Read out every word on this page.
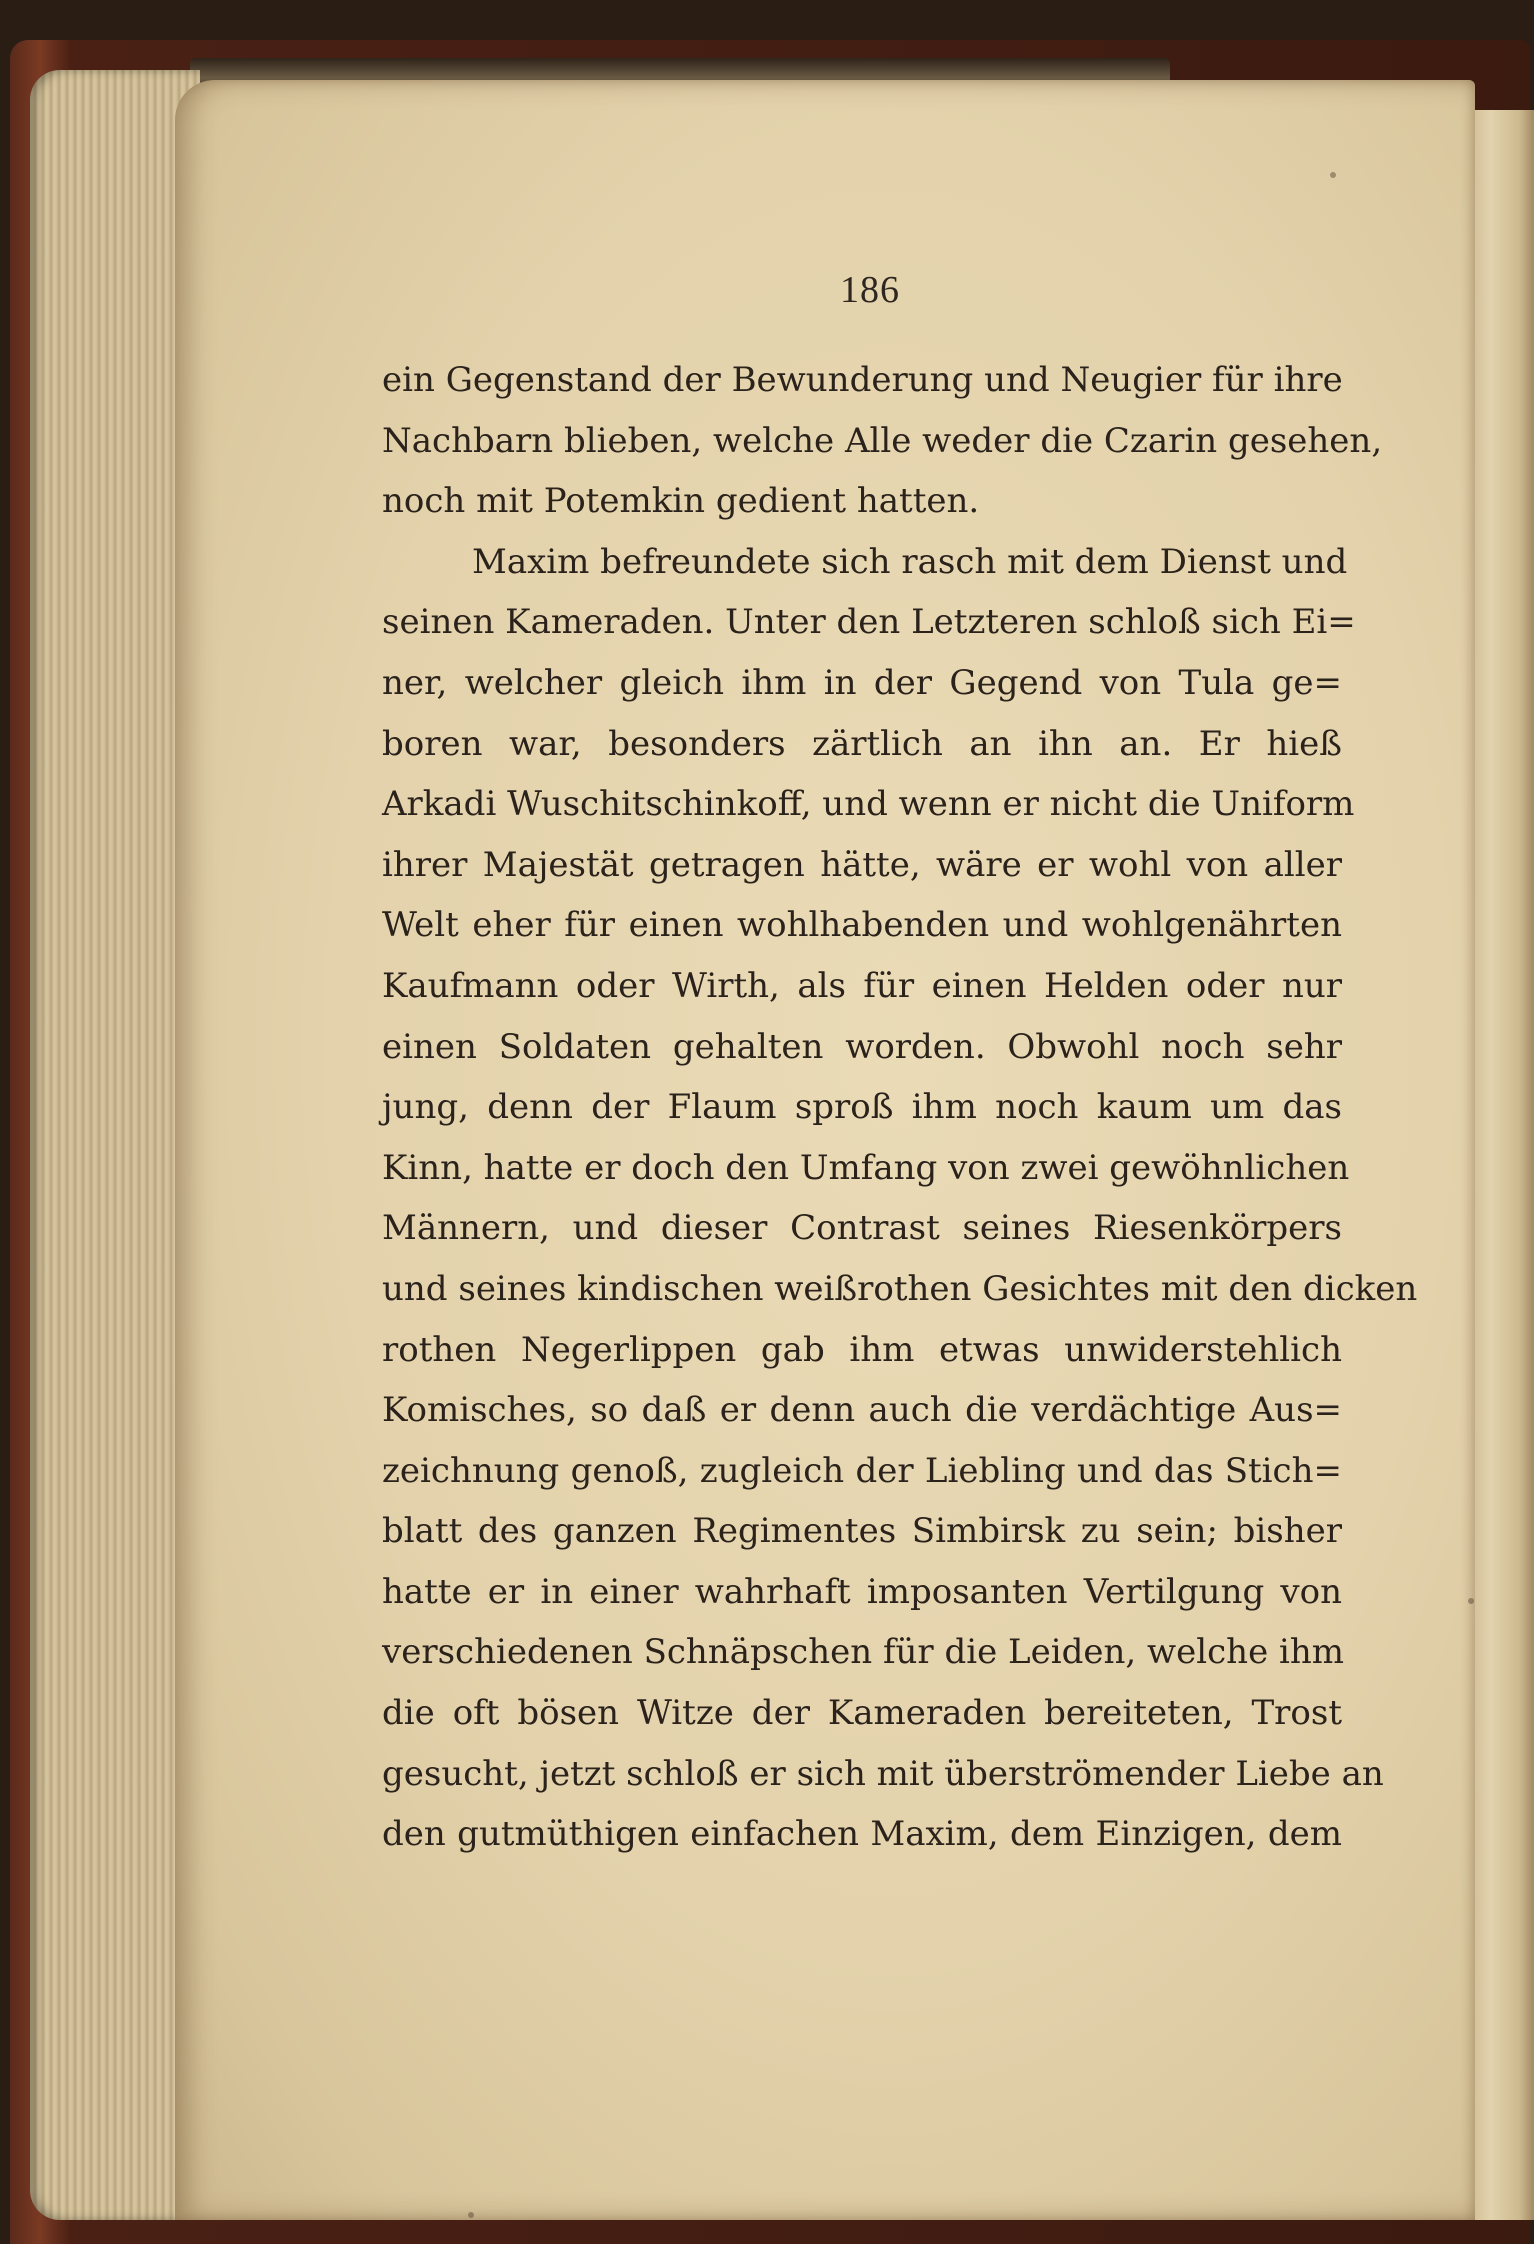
186
ein Gegenstand der Bewunderung und Neugier für ihre
Nachbarn blieben, welche Alle weder die Czarin gesehen,
noch mit Potemkin gedient hatten.
Maxim befreundete sich rasch mit dem Dienst und
seinen Kameraden. Unter den Letzteren schloß sich Ei=
ner, welcher gleich ihm in der Gegend von Tula ge=
boren war, besonders zärtlich an ihn an. Er hieß
Arkadi Wuschitschinkoff, und wenn er nicht die Uniform
ihrer Majestät getragen hätte, wäre er wohl von aller
Welt eher für einen wohlhabenden und wohlgenährten
Kaufmann oder Wirth, als für einen Helden oder nur
einen Soldaten gehalten worden. Obwohl noch sehr
jung, denn der Flaum sproß ihm noch kaum um das
Kinn, hatte er doch den Umfang von zwei gewöhnlichen
Männern, und dieser Contrast seines Riesenkörpers
und seines kindischen weißrothen Gesichtes mit den dicken
rothen Negerlippen gab ihm etwas unwiderstehlich
Komisches, so daß er denn auch die verdächtige Aus=
zeichnung genoß, zugleich der Liebling und das Stich=
blatt des ganzen Regimentes Simbirsk zu sein; bisher
hatte er in einer wahrhaft imposanten Vertilgung von
verschiedenen Schnäpschen für die Leiden, welche ihm
die oft bösen Witze der Kameraden bereiteten, Trost
gesucht, jetzt schloß er sich mit überströmender Liebe an
den gutmüthigen einfachen Maxim, dem Einzigen, dem
